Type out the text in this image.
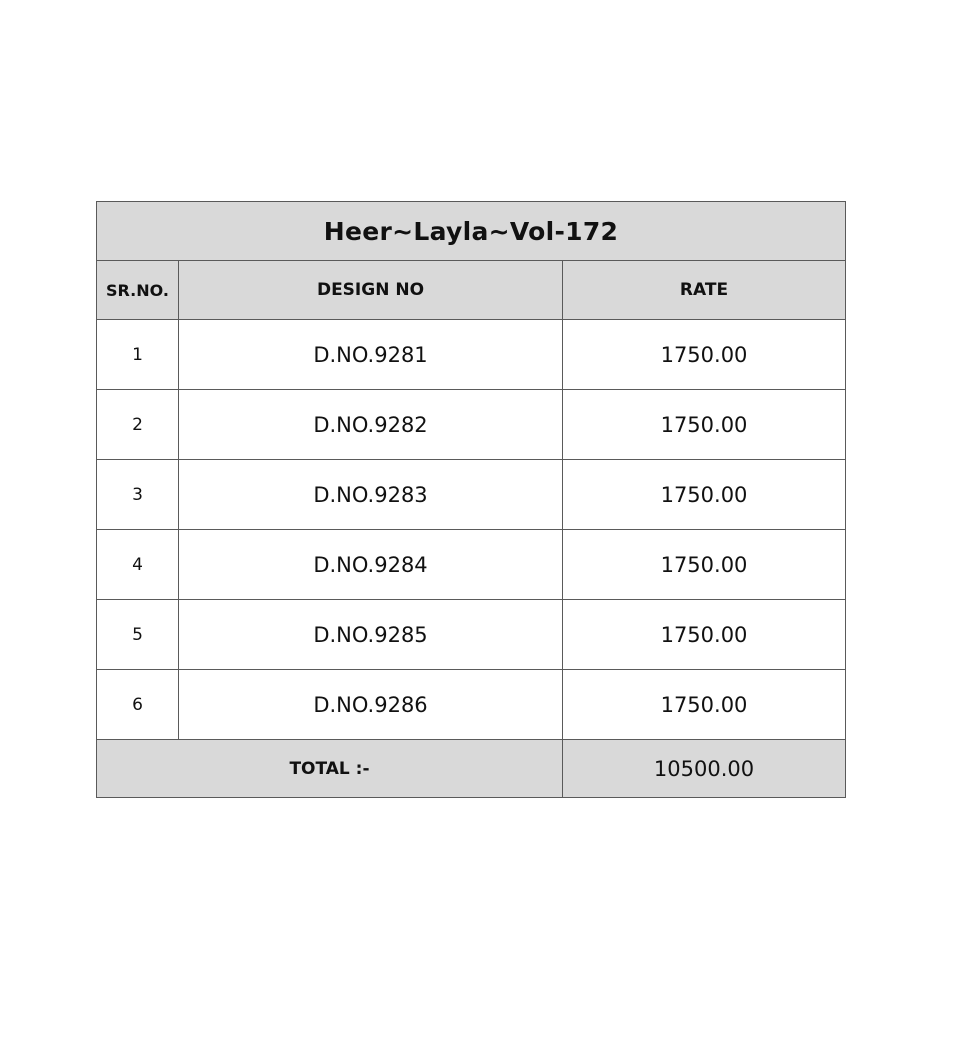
Heer~Layla~Vol-172
SR.NO.	DESIGN NO	RATE
1	D.NO.9281	1750.00
2	D.NO.9282	1750.00
3	D.NO.9283	1750.00
4	D.NO.9284	1750.00
5	D.NO.9285	1750.00
6	D.NO.9286	1750.00
TOTAL :-	10500.00
